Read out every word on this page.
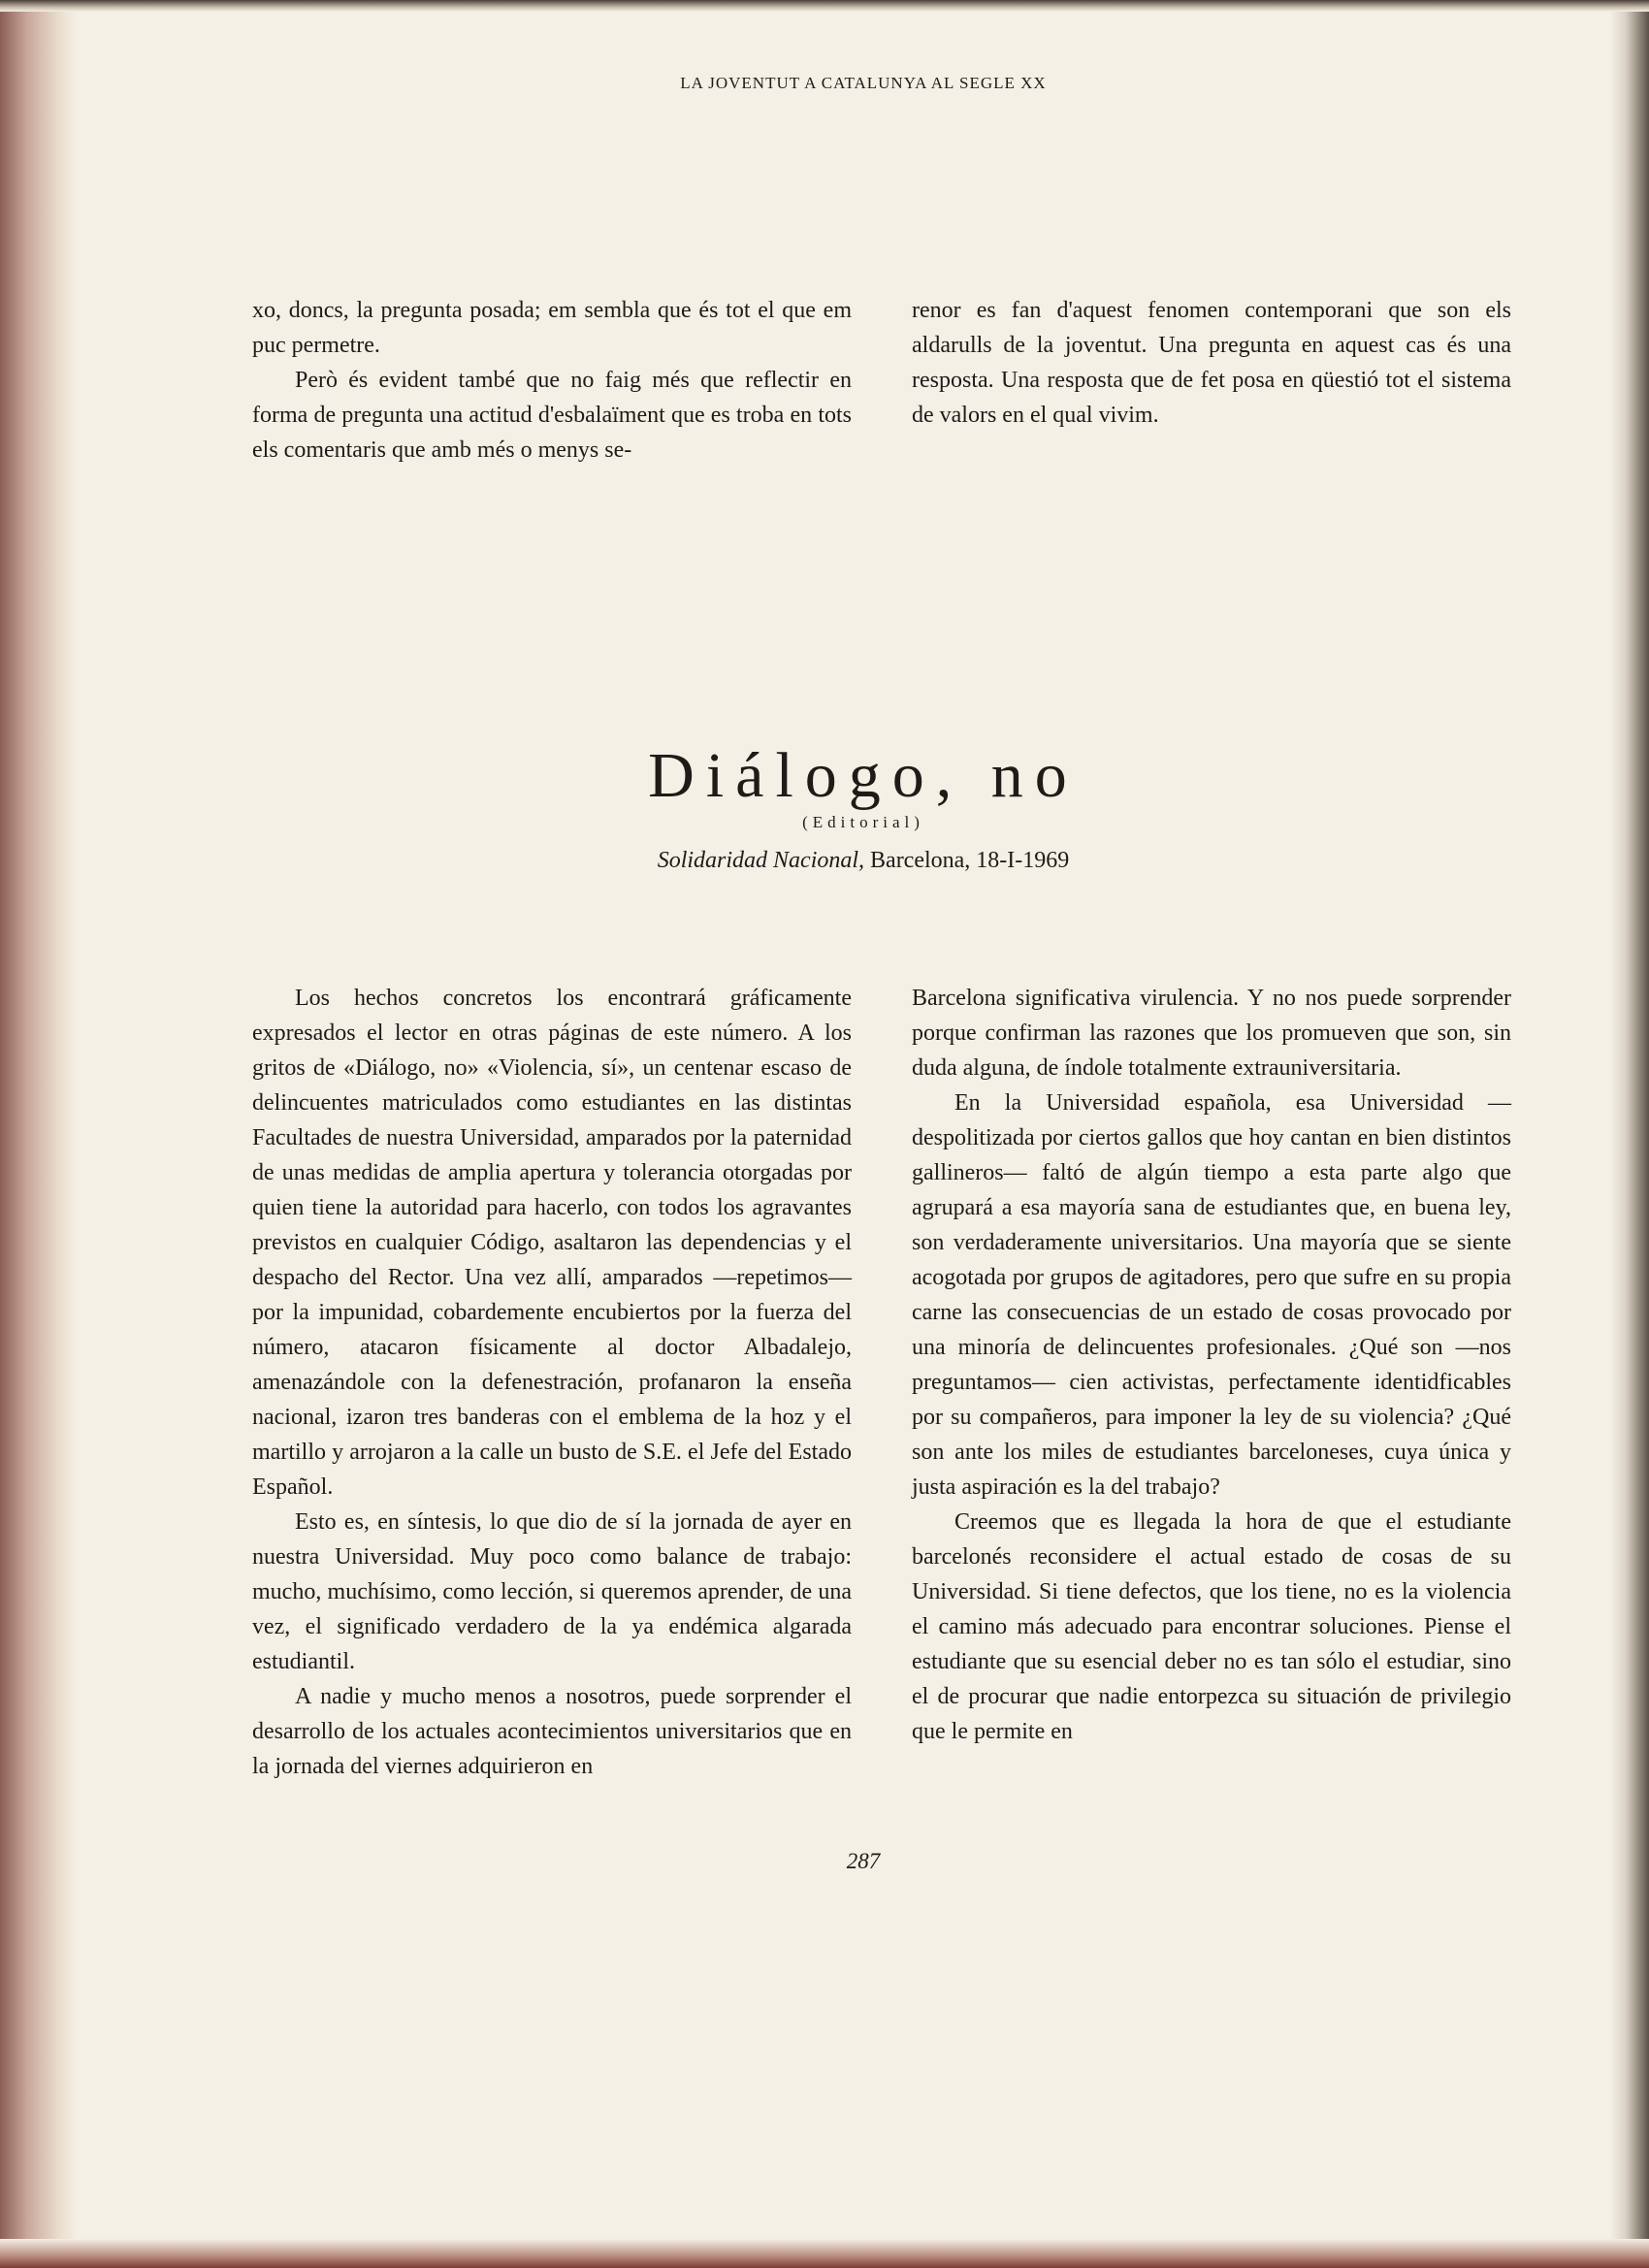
LA JOVENTUT A CATALUNYA AL SEGLE XX

xo, doncs, la pregunta posada; em sembla que és tot el que em puc permetre.

Però és evident també que no faig més que reflectir en forma de pregunta una actitud d'esbalaïment que es troba en tots els comentaris que amb més o menys se-

renor es fan d'aquest fenomen contemporani que son els aldarulls de la joventut. Una pregunta en aquest cas és una resposta. Una resposta que de fet posa en qüestió tot el sistema de valors en el qual vivim.

Diálogo, no
(Editorial)
Solidaridad Nacional, Barcelona, 18-I-1969

Los hechos concretos los encontrará gráficamente expresados el lector en otras páginas de este número. A los gritos de «Diálogo, no» «Violencia, sí», un centenar escaso de delincuentes matriculados como estudiantes en las distintas Facultades de nuestra Universidad, amparados por la paternidad de unas medidas de amplia apertura y tolerancia otorgadas por quien tiene la autoridad para hacerlo, con todos los agravantes previstos en cualquier Código, asaltaron las dependencias y el despacho del Rector. Una vez allí, amparados —repetimos— por la impunidad, cobardemente encubiertos por la fuerza del número, atacaron físicamente al doctor Albadalejo, amenazándole con la defenestración, profanaron la enseña nacional, izaron tres banderas con el emblema de la hoz y el martillo y arrojaron a la calle un busto de S.E. el Jefe del Estado Español.

Esto es, en síntesis, lo que dio de sí la jornada de ayer en nuestra Universidad. Muy poco como balance de trabajo: mucho, muchísimo, como lección, si queremos aprender, de una vez, el significado verdadero de la ya endémica algarada estudiantil.

A nadie y mucho menos a nosotros, puede sorprender el desarrollo de los actuales acontecimientos universitarios que en la jornada del viernes adquirieron en

Barcelona significativa virulencia. Y no nos puede sorprender porque confirman las razones que los promueven que son, sin duda alguna, de índole totalmente extrauniversitaria.

En la Universidad española, esa Universidad —despolitizada por ciertos gallos que hoy cantan en bien distintos gallineros— faltó de algún tiempo a esta parte algo que agrupará a esa mayoría sana de estudiantes que, en buena ley, son verdaderamente universitarios. Una mayoría que se siente acogotada por grupos de agitadores, pero que sufre en su propia carne las consecuencias de un estado de cosas provocado por una minoría de delincuentes profesionales. ¿Qué son —nos preguntamos— cien activistas, perfectamente identidficables por su compañeros, para imponer la ley de su violencia? ¿Qué son ante los miles de estudiantes barceloneses, cuya única y justa aspiración es la del trabajo?

Creemos que es llegada la hora de que el estudiante barcelonés reconsidere el actual estado de cosas de su Universidad. Si tiene defectos, que los tiene, no es la violencia el camino más adecuado para encontrar soluciones. Piense el estudiante que su esencial deber no es tan sólo el estudiar, sino el de procurar que nadie entorpezca su situación de privilegio que le permite en

287
